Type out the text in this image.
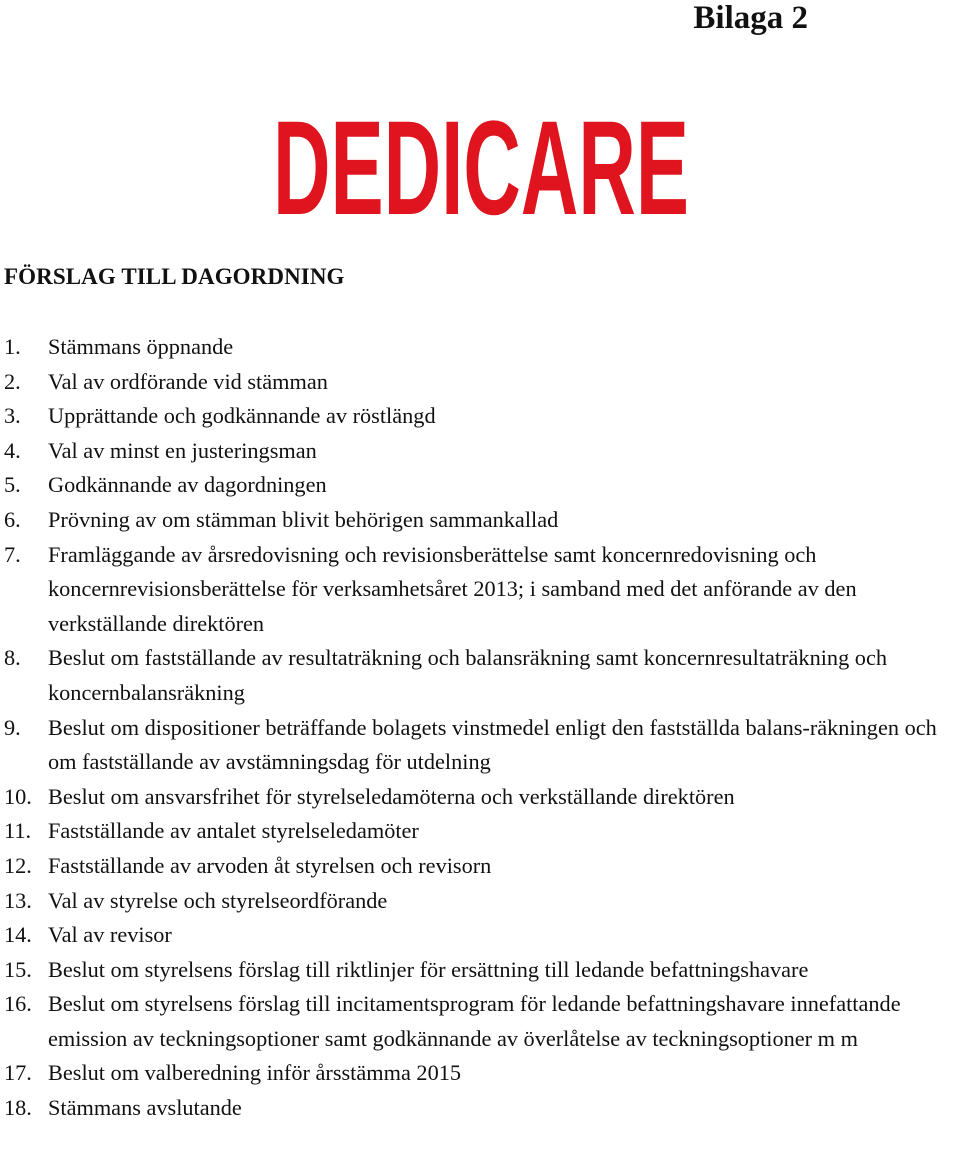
Bilaga 2

DEDICARE
FÖRSLAG TILL DAGORDNING
1.	Stämmans öppnande
2.	Val av ordförande vid stämman
3.	Upprättande och godkännande av röstlängd
4.	Val av minst en justeringsman
5.	Godkännande av dagordningen
6.	Prövning av om stämman blivit behörigen sammankallad
7.	Framläggande av årsredovisning och revisionsberättelse samt koncernredovisning och koncernrevisionsberättelse för verksamhetsåret 2013; i samband med det anförande av den verkställande direktören
8.	Beslut om fastställande av resultaträkning och balansräkning samt koncernresultaträkning och koncernbalansräkning
9.	Beslut om dispositioner beträffande bolagets vinstmedel enligt den fastställda balans-räkningen och om fastställande av avstämningsdag för utdelning
10. Beslut om ansvarsfrihet för styrelseledamöterna och verkställande direktören
11. Fastställande av antalet styrelseledamöter
12. Fastställande av arvoden åt styrelsen och revisorn
13. Val av styrelse och styrelseordförande
14. Val av revisor
15. Beslut om styrelsens förslag till riktlinjer för ersättning till ledande befattningshavare
16. Beslut om styrelsens förslag till incitamentsprogram för ledande befattningshavare innefattande emission av teckningsoptioner samt godkännande av överlåtelse av teckningsoptioner m m
17. Beslut om valberedning inför årsstämma 2015
18. Stämmans avslutande
